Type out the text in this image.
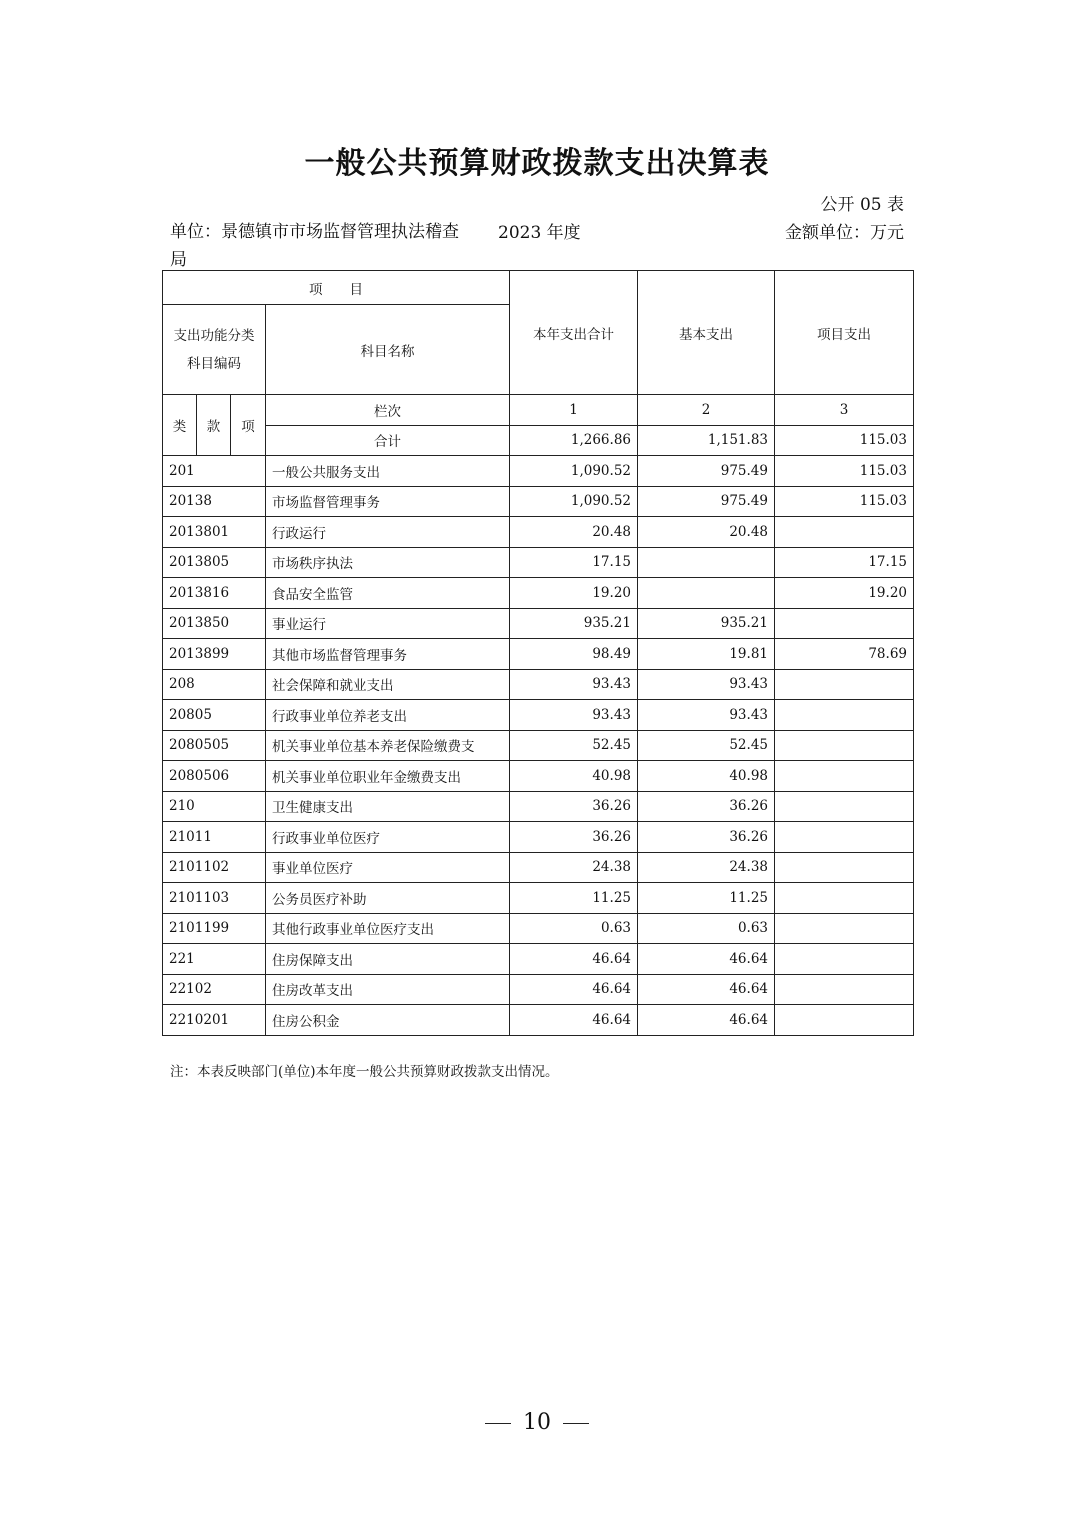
一般公共预算财政拨款支出决算表
公开 05 表
单位：景德镇市市场监督管理执法稽查局
2023 年度	金额单位：万元
项　　目				本年支出合计	基本支出	项目支出
支出功能分类科目编码			科目名称			
类	款	项	栏次	1	2	3
			合计	1,266.86	1,151.83	115.03
201			一般公共服务支出	1,090.52	975.49	115.03
20138			市场监督管理事务	1,090.52	975.49	115.03
2013801			行政运行	20.48	20.48	
2013805			市场秩序执法	17.15		17.15
2013816			食品安全监管	19.20		19.20
2013850			事业运行	935.21	935.21	
2013899			其他市场监督管理事务	98.49	19.81	78.69
208			社会保障和就业支出	93.43	93.43	
20805			行政事业单位养老支出	93.43	93.43	
2080505			机关事业单位基本养老保险缴费支	52.45	52.45	
2080506			机关事业单位职业年金缴费支出	40.98	40.98	
210			卫生健康支出	36.26	36.26	
21011			行政事业单位医疗	36.26	36.26	
2101102			事业单位医疗	24.38	24.38	
2101103			公务员医疗补助	11.25	11.25	
2101199			其他行政事业单位医疗支出	0.63	0.63	
221			住房保障支出	46.64	46.64	
22102			住房改革支出	46.64	46.64	
2210201			住房公积金	46.64	46.64	
注：本表反映部门(单位)本年度一般公共预算财政拨款支出情况。
10
